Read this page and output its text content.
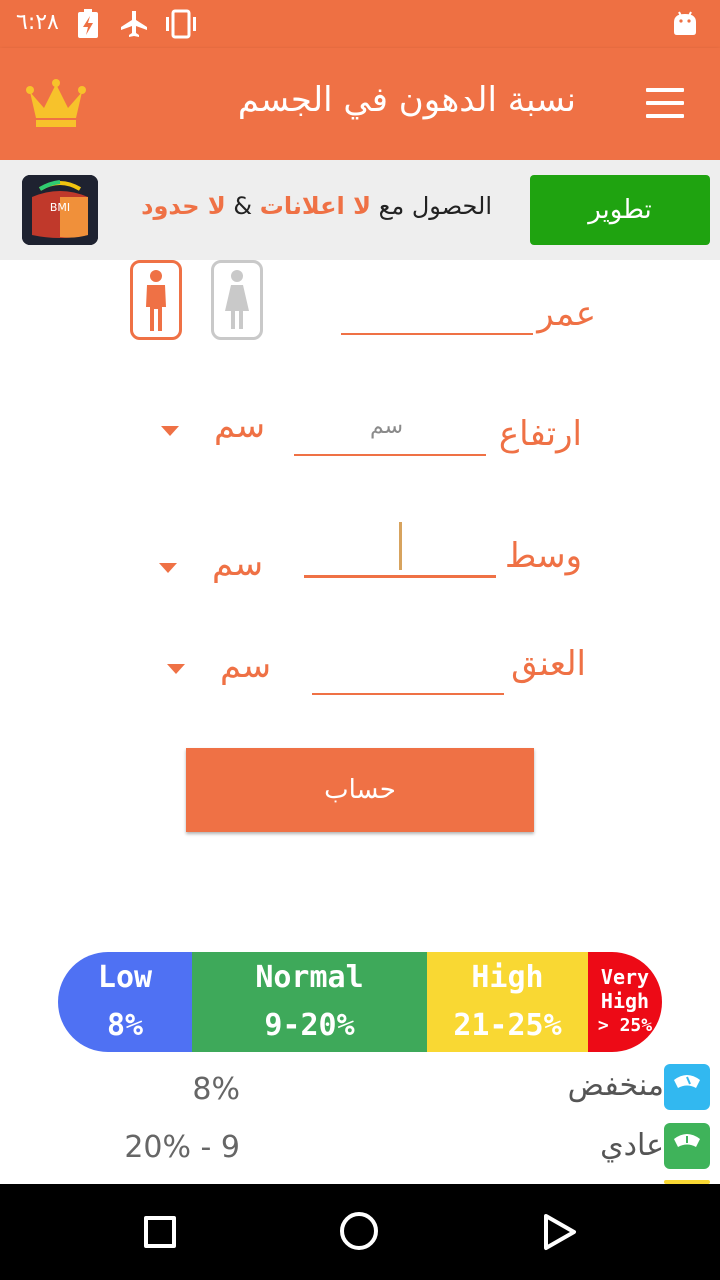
٦:٢٨
نسبة الدهون في الجسم
تطوير
الحصول مع لا اعلانات & لا حدود
BMI
عمر
ارتفاع
سم
سم
وسط
سم
العنق
سم
حساب
Low
8%
Normal
9-20%
High
21-25%
Very
High
> 25%
منخفض
8%
عادي
20% - 9
